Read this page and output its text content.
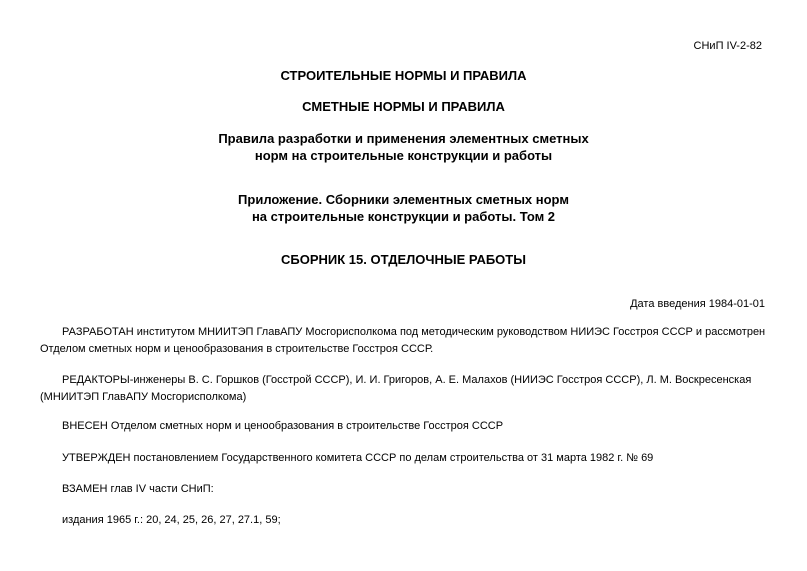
СНиП IV-2-82
СТРОИТЕЛЬНЫЕ НОРМЫ И ПРАВИЛА
СМЕТНЫЕ НОРМЫ И ПРАВИЛА
Правила разработки и применения элементных сметных
норм на строительные конструкции и работы
Приложение. Сборники элементных сметных норм
на строительные конструкции и работы. Том 2
СБОРНИК 15. ОТДЕЛОЧНЫЕ РАБОТЫ
Дата введения 1984-01-01
РАЗРАБОТАН институтом МНИИТЭП ГлавАПУ Мосгорисполкома под методическим руководством НИИЭС Госстроя СССР и рассмотрен
Отделом сметных норм и ценообразования в строительстве Госстроя СССР.
РЕДАКТОРЫ-инженеры В. С. Горшков (Госстрой СССР), И. И. Григоров, А. Е. Малахов (НИИЭС Госстроя СССР), Л. М. Воскресенская
(МНИИТЭП ГлавАПУ Мосгорисполкома)
ВНЕСЕН Отделом сметных норм и ценообразования в строительстве Госстроя СССР
УТВЕРЖДЕН постановлением Государственного комитета СССР по делам строительства от 31 марта 1982 г. № 69
ВЗАМЕН глав IV части СНиП:
издания 1965 г.: 20, 24, 25, 26, 27, 27.1, 59;
